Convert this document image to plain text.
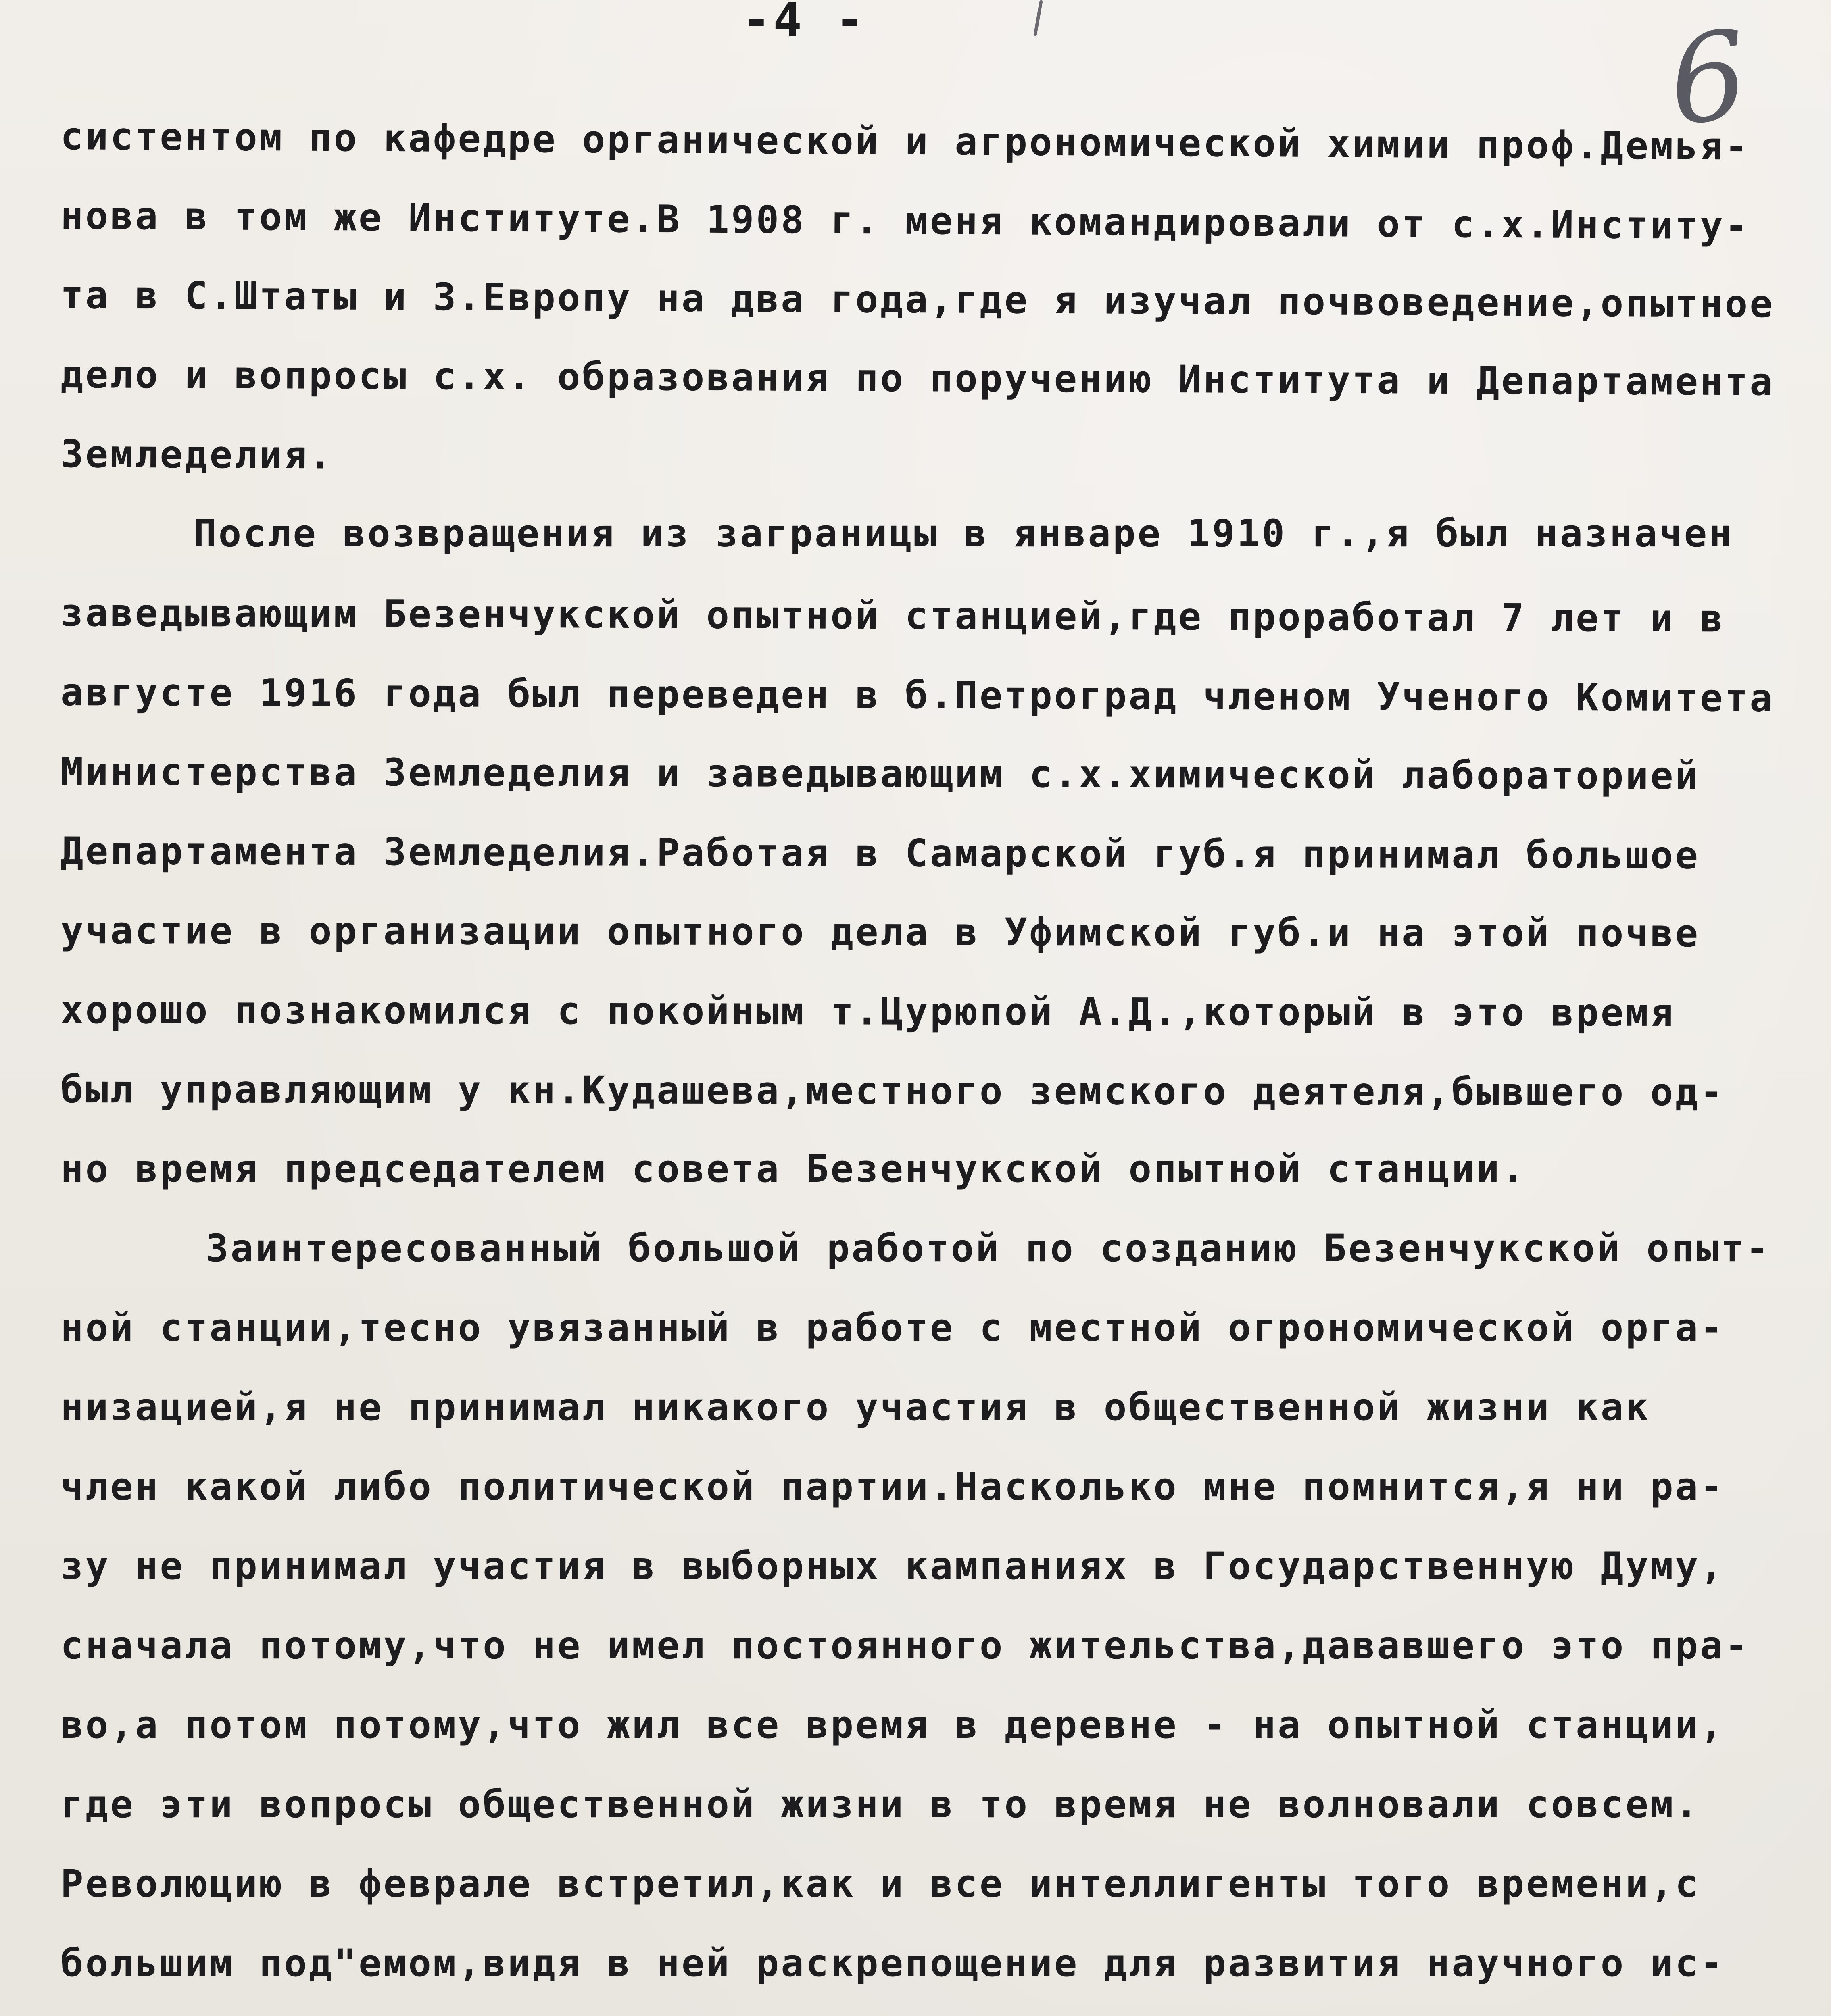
-4 -	6
систентом по кафедре органической и агрономической химии проф.Демья-
нова в том же Институте.В 1908 г. меня командировали от с.х.Институ-
та в С.Штаты и З.Европу на два года,где я изучал почвоведение,опытное
дело и вопросы с.х. образования по поручению Института и Департамента
Земледелия.
После возвращения из заграницы в январе 1910 г.,я был назначен
заведывающим Безенчукской опытной станцией,где проработал 7 лет и в
августе 1916 года был переведен в б.Петроград членом Ученого Комитета
Министерства Земледелия и заведывающим с.х.химической лабораторией
Департамента Земледелия.Работая в Самарской губ.я принимал большое
участие в организации опытного дела в Уфимской губ.и на этой почве
хорошо познакомился с покойным т.Цурюпой А.Д.,который в это время
был управляющим у кн.Кудашева,местного земского деятеля,бывшего од-
но время председателем совета Безенчукской опытной станции.
Заинтересованный большой работой по созданию Безенчукской опыт-
ной станции,тесно увязанный в работе с местной огрономической орга-
низацией,я не принимал никакого участия в общественной жизни как
член какой либо политической партии.Насколько мне помнится,я ни ра-
зу не принимал участия в выборных кампаниях в Государственную Думу,
сначала потому,что не имел постоянного жительства,дававшего это пра-
во,а потом потому,что жил все время в деревне - на опытной станции,
где эти вопросы общественной жизни в то время не волновали совсем.
Революцию в феврале встретил,как и все интеллигенты того времени,с
большим под"емом,видя в ней раскрепощение для развития научного ис-
